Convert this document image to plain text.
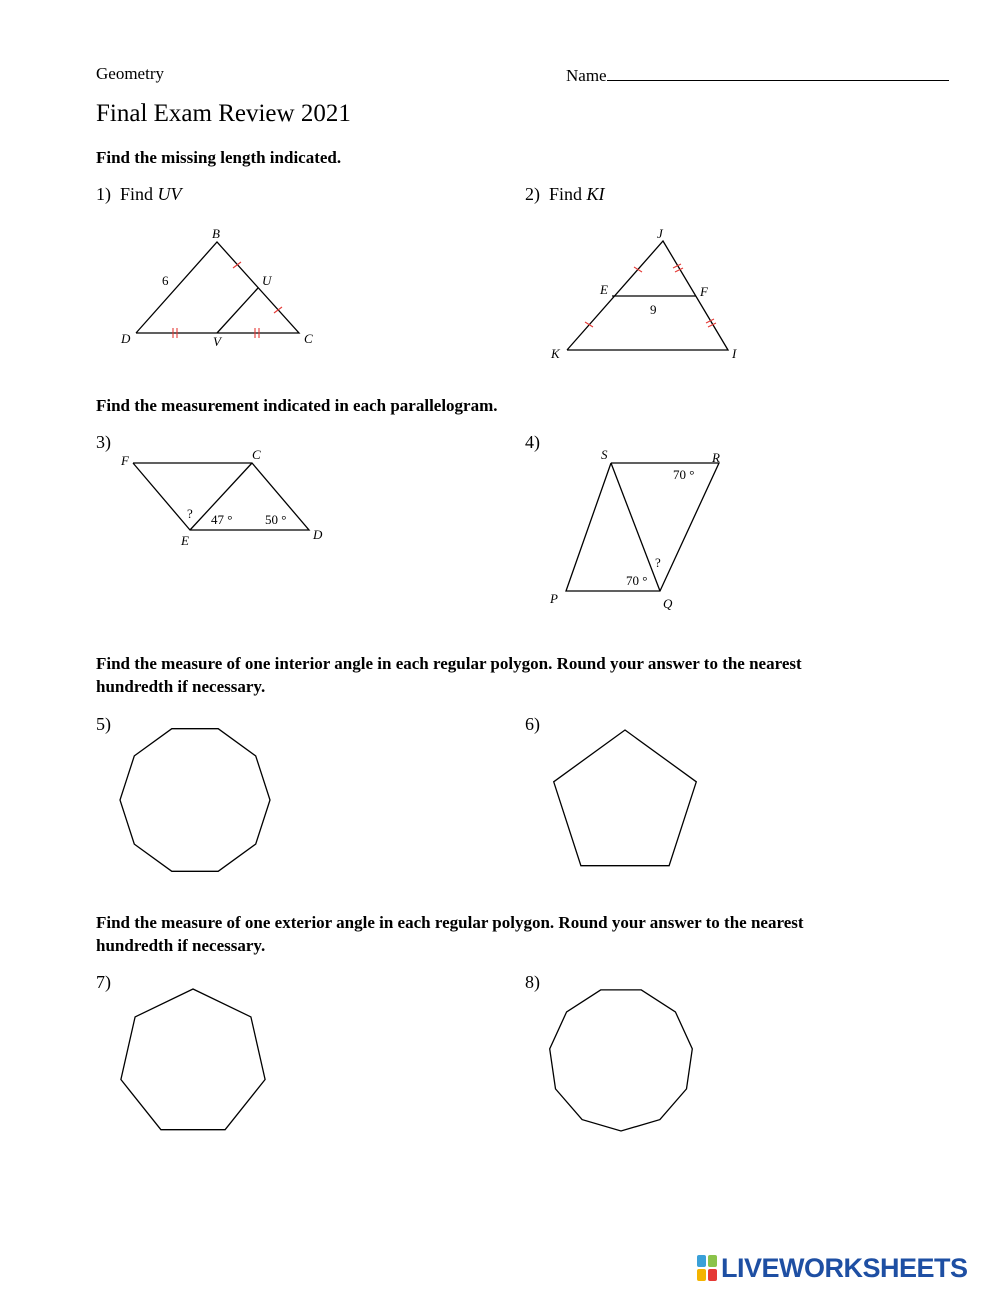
Geometry	Name
Final Exam Review 2021
Find the missing length indicated.
1) Find UV	2) Find KI
Find the measurement indicated in each parallelogram.
3)	4)
Find the measure of one interior angle in each regular polygon. Round your answer to the nearest hundredth if necessary.
5)	6)
Find the measure of one exterior angle in each regular polygon. Round your answer to the nearest hundredth if necessary.
7)	8)
B
U
D	V	C
6
J
E	F
K	I
9
F	C
E	D
? 47 °	50 °
S	R
P	Q
70 °
?
70 °
LIVEWORKSHEETS
